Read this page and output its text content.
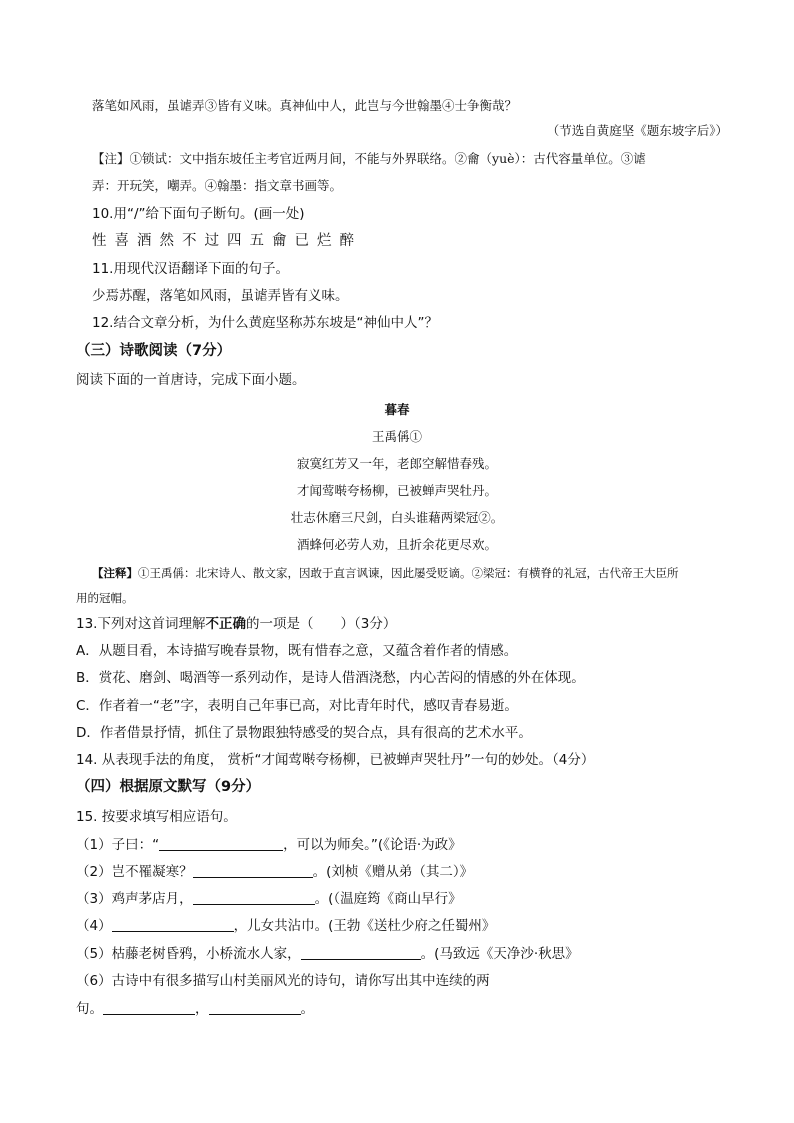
落笔如风雨，虽谑弄③皆有义味。真神仙中人，此岂与今世翰墨④士争衡哉？
（节选自黄庭坚《题东坡字后》）
【注】①锁试：文中指东坡任主考官近两月间，不能与外界联络。②龠（yuè）：古代容量单位。③谑
弄：开玩笑，嘲弄。④翰墨：指文章书画等。
10.用“/”给下面句子断句。(画一处)
性喜酒然不过四五龠已烂醉
11.用现代汉语翻译下面的句子。
少焉苏醒，落笔如风雨，虽谑弄皆有义味。
12.结合文章分析，为什么黄庭坚称苏东坡是“神仙中人”？
（三）诗歌阅读（7分）
阅读下面的一首唐诗，完成下面小题。
暮春
王禹偁①
寂寞红芳又一年，老郎空解惜春残。
才闻莺啭夸杨柳，已被蝉声哭牡丹。
壮志休磨三尺剑，白头谁藉两梁冠②。
酒蜂何必劳人劝，且折余花更尽欢。
【注释】①王禹偁：北宋诗人、散文家，因敢于直言讽谏，因此屡受贬谪。②梁冠：有横脊的礼冠，古代帝王大臣所
用的冠帽。
13.下列对这首词理解不正确的一项是（　　）（3分）
A．从题目看，本诗描写晚春景物，既有惜春之意，又蕴含着作者的情感。
B．赏花、磨剑、喝酒等一系列动作，是诗人借酒浇愁，内心苦闷的情感的外在体现。
C．作者着一“老”字，表明自己年事已高，对比青年时代，感叹青春易逝。
D．作者借景抒情，抓住了景物跟独特感受的契合点，具有很高的艺术水平。
14. 从表现手法的角度， 赏析“才闻莺啭夸杨柳，已被蝉声哭牡丹”一句的妙处。（4分）
（四）根据原文默写（9分）
15. 按要求填写相应语句。
（1）子曰：“	，可以为师矣。”(《论语·为政》
（2）岂不罹凝寒？	。(刘桢《赠从弟（其二）》
（3）鸡声茅店月，	。(（温庭筠《商山早行》
（4）	，儿女共沾巾。(王勃《送杜少府之任蜀州》
（5）枯藤老树昏鸦，小桥流水人家，	。(马致远《天净沙·秋思》
（6）古诗中有很多描写山村美丽风光的诗句，请你写出其中连续的两
句。	，	。
